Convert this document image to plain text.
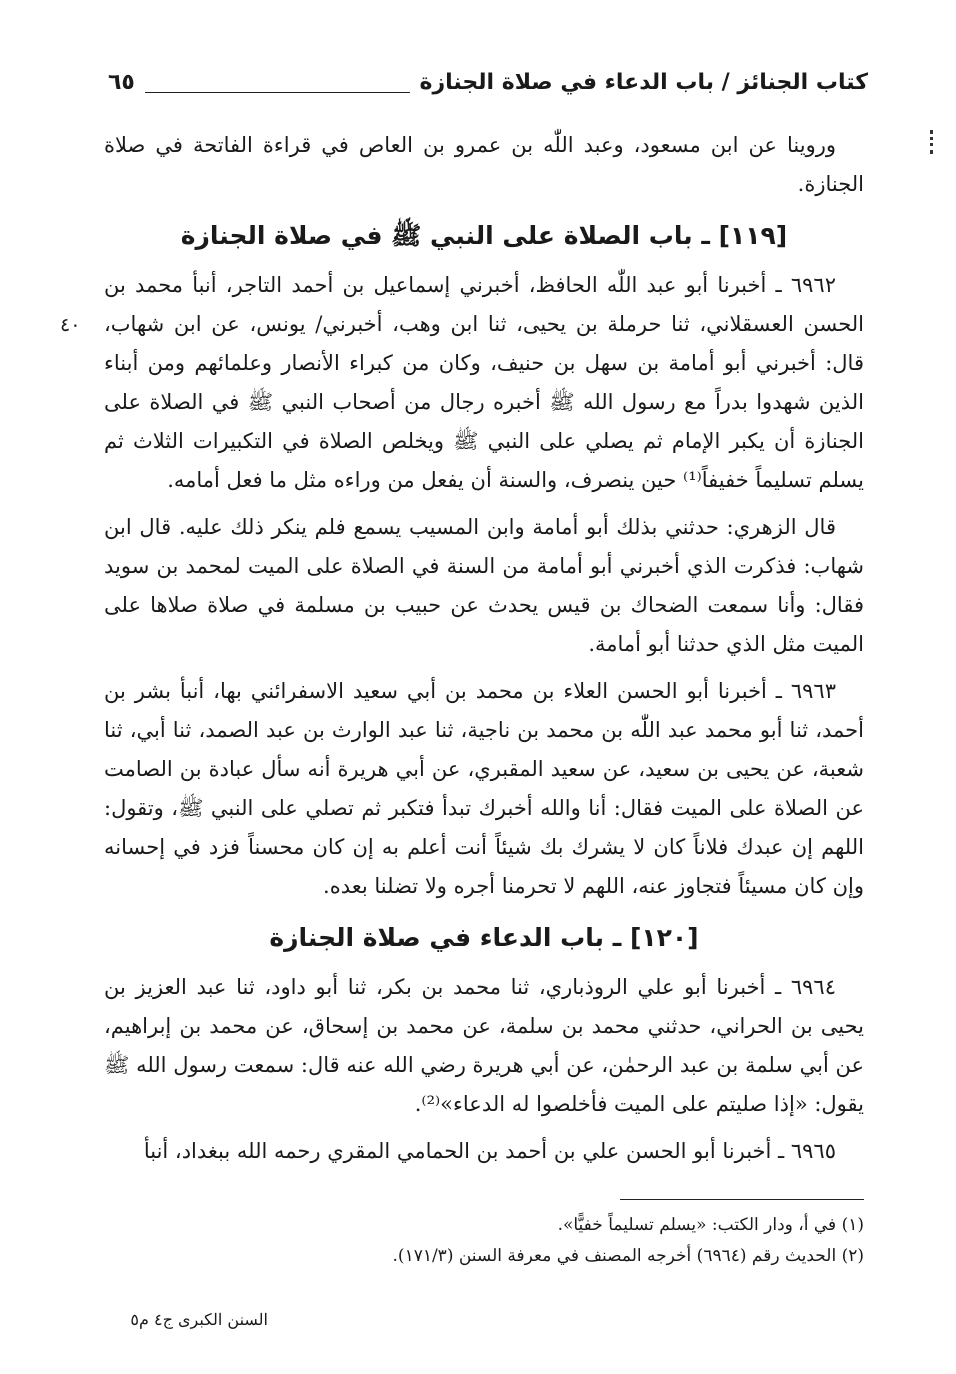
كتاب الجنائز / باب الدعاء في صلاة الجنازة
٦٥
٤٠

وروينا عن ابن مسعود، وعبد اللّٰه بن عمرو بن العاص في قراءة الفاتحة في صلاة الجنازة.

[١١٩] ـ باب الصلاة على النبي ﷺ في صلاة الجنازة

٦٩٦٢ ـ أخبرنا أبو عبد اللّٰه الحافظ، أخبرني إسماعيل بن أحمد التاجر، أنبأ محمد بن الحسن العسقلاني، ثنا حرملة بن يحيى، ثنا ابن وهب، أخبرني/ يونس، عن ابن شهاب، قال: أخبرني أبو أمامة بن سهل بن حنيف، وكان من كبراء الأنصار وعلمائهم ومن أبناء الذين شهدوا بدراً مع رسول الله ﷺ أخبره رجال من أصحاب النبي ﷺ في الصلاة على الجنازة أن يكبر الإمام ثم يصلي على النبي ﷺ ويخلص الصلاة في التكبيرات الثلاث ثم يسلم تسليماً خفيفاً⁽¹⁾ حين ينصرف، والسنة أن يفعل من وراءه مثل ما فعل أمامه.

قال الزهري: حدثني بذلك أبو أمامة وابن المسيب يسمع فلم ينكر ذلك عليه. قال ابن شهاب: فذكرت الذي أخبرني أبو أمامة من السنة في الصلاة على الميت لمحمد بن سويد فقال: وأنا سمعت الضحاك بن قيس يحدث عن حبيب بن مسلمة في صلاة صلاها على الميت مثل الذي حدثنا أبو أمامة.

٦٩٦٣ ـ أخبرنا أبو الحسن العلاء بن محمد بن أبي سعيد الاسفرائني بها، أنبأ بشر بن أحمد، ثنا أبو محمد عبد اللّٰه بن محمد بن ناجية، ثنا عبد الوارث بن عبد الصمد، ثنا أبي، ثنا شعبة، عن يحيى بن سعيد، عن سعيد المقبري، عن أبي هريرة أنه سأل عبادة بن الصامت عن الصلاة على الميت فقال: أنا والله أخبرك تبدأ فتكبر ثم تصلي على النبي ﷺ، وتقول: اللهم إن عبدك فلاناً كان لا يشرك بك شيئاً أنت أعلم به إن كان محسناً فزد في إحسانه وإن كان مسيئاً فتجاوز عنه، اللهم لا تحرمنا أجره ولا تضلنا بعده.

[١٢٠] ـ باب الدعاء في صلاة الجنازة

٦٩٦٤ ـ أخبرنا أبو علي الروذباري، ثنا محمد بن بكر، ثنا أبو داود، ثنا عبد العزيز بن يحيى بن الحراني، حدثني محمد بن سلمة، عن محمد بن إسحاق، عن محمد بن إبراهيم، عن أبي سلمة بن عبد الرحمٰن، عن أبي هريرة رضي الله عنه قال: سمعت رسول الله ﷺ يقول: «إذا صليتم على الميت فأخلصوا له الدعاء»⁽²⁾.

٦٩٦٥ ـ أخبرنا أبو الحسن علي بن أحمد بن الحمامي المقري رحمه الله ببغداد، أنبأ

(١) في أ، ودار الكتب: «يسلم تسليماً خفيًّا».
(٢) الحديث رقم (٦٩٦٤) أخرجه المصنف في معرفة السنن (١٧١/٣).
السنن الكبرى ج٤ م٥
